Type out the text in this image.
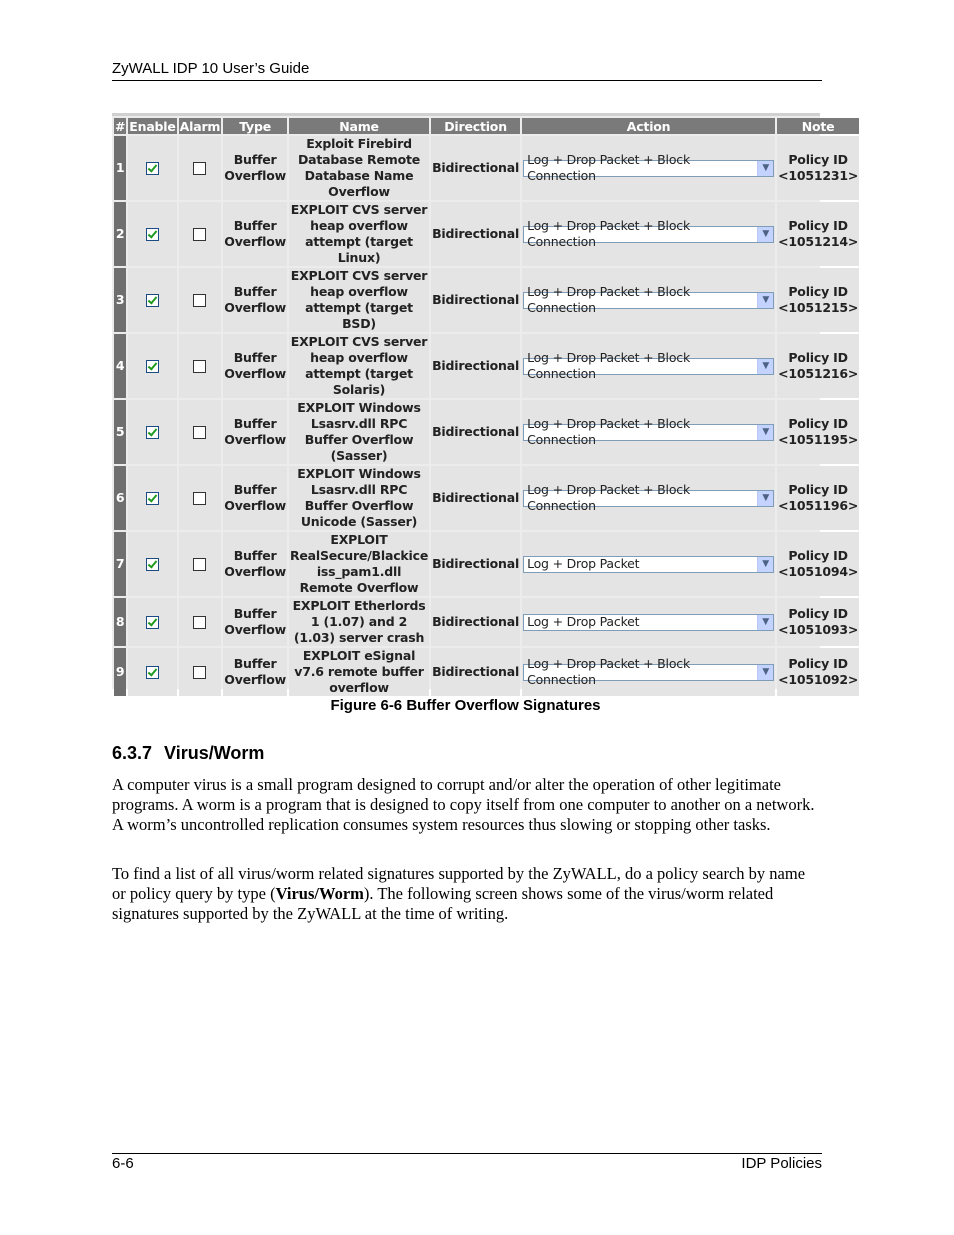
ZyWALL IDP 10 User’s Guide
#	Enable	Alarm	Type	Name	Direction	Action	Note
1			Buffer Overflow	Exploit Firebird Database Remote Database Name Overflow	Bidirectional	Log + Drop Packet + Block Connection ▼	Policy ID <1051231>
2			Buffer Overflow	EXPLOIT CVS server heap overflow attempt (target Linux)	Bidirectional	Log + Drop Packet + Block Connection ▼	Policy ID <1051214>
3			Buffer Overflow	EXPLOIT CVS server heap overflow attempt (target BSD)	Bidirectional	Log + Drop Packet + Block Connection ▼	Policy ID <1051215>
4			Buffer Overflow	EXPLOIT CVS server heap overflow attempt (target Solaris)	Bidirectional	Log + Drop Packet + Block Connection ▼	Policy ID <1051216>
5			Buffer Overflow	EXPLOIT Windows Lsasrv.dll RPC Buffer Overflow (Sasser)	Bidirectional	Log + Drop Packet + Block Connection ▼	Policy ID <1051195>
6			Buffer Overflow	EXPLOIT Windows Lsasrv.dll RPC Buffer Overflow Unicode (Sasser)	Bidirectional	Log + Drop Packet + Block Connection ▼	Policy ID <1051196>
7			Buffer Overflow	EXPLOIT RealSecure/Blackice iss_pam1.dll Remote Overflow	Bidirectional	Log + Drop Packet ▼	Policy ID <1051094>
8			Buffer Overflow	EXPLOIT Etherlords 1 (1.07) and 2 (1.03) server crash	Bidirectional	Log + Drop Packet ▼	Policy ID <1051093>
9			Buffer Overflow	EXPLOIT eSignal v7.6 remote buffer overflow	Bidirectional	Log + Drop Packet + Block Connection ▼	Policy ID <1051092>
Figure 6-6 Buffer Overflow Signatures
6.3.7 Virus/Worm
A computer virus is a small program designed to corrupt and/or alter the operation of other legitimate programs. A worm is a program that is designed to copy itself from one computer to another on a network. A worm’s uncontrolled replication consumes system resources thus slowing or stopping other tasks.
To find a list of all virus/worm related signatures supported by the ZyWALL, do a policy search by name or policy query by type (Virus/Worm). The following screen shows some of the virus/worm related signatures supported by the ZyWALL at the time of writing.
6-6	IDP Policies
